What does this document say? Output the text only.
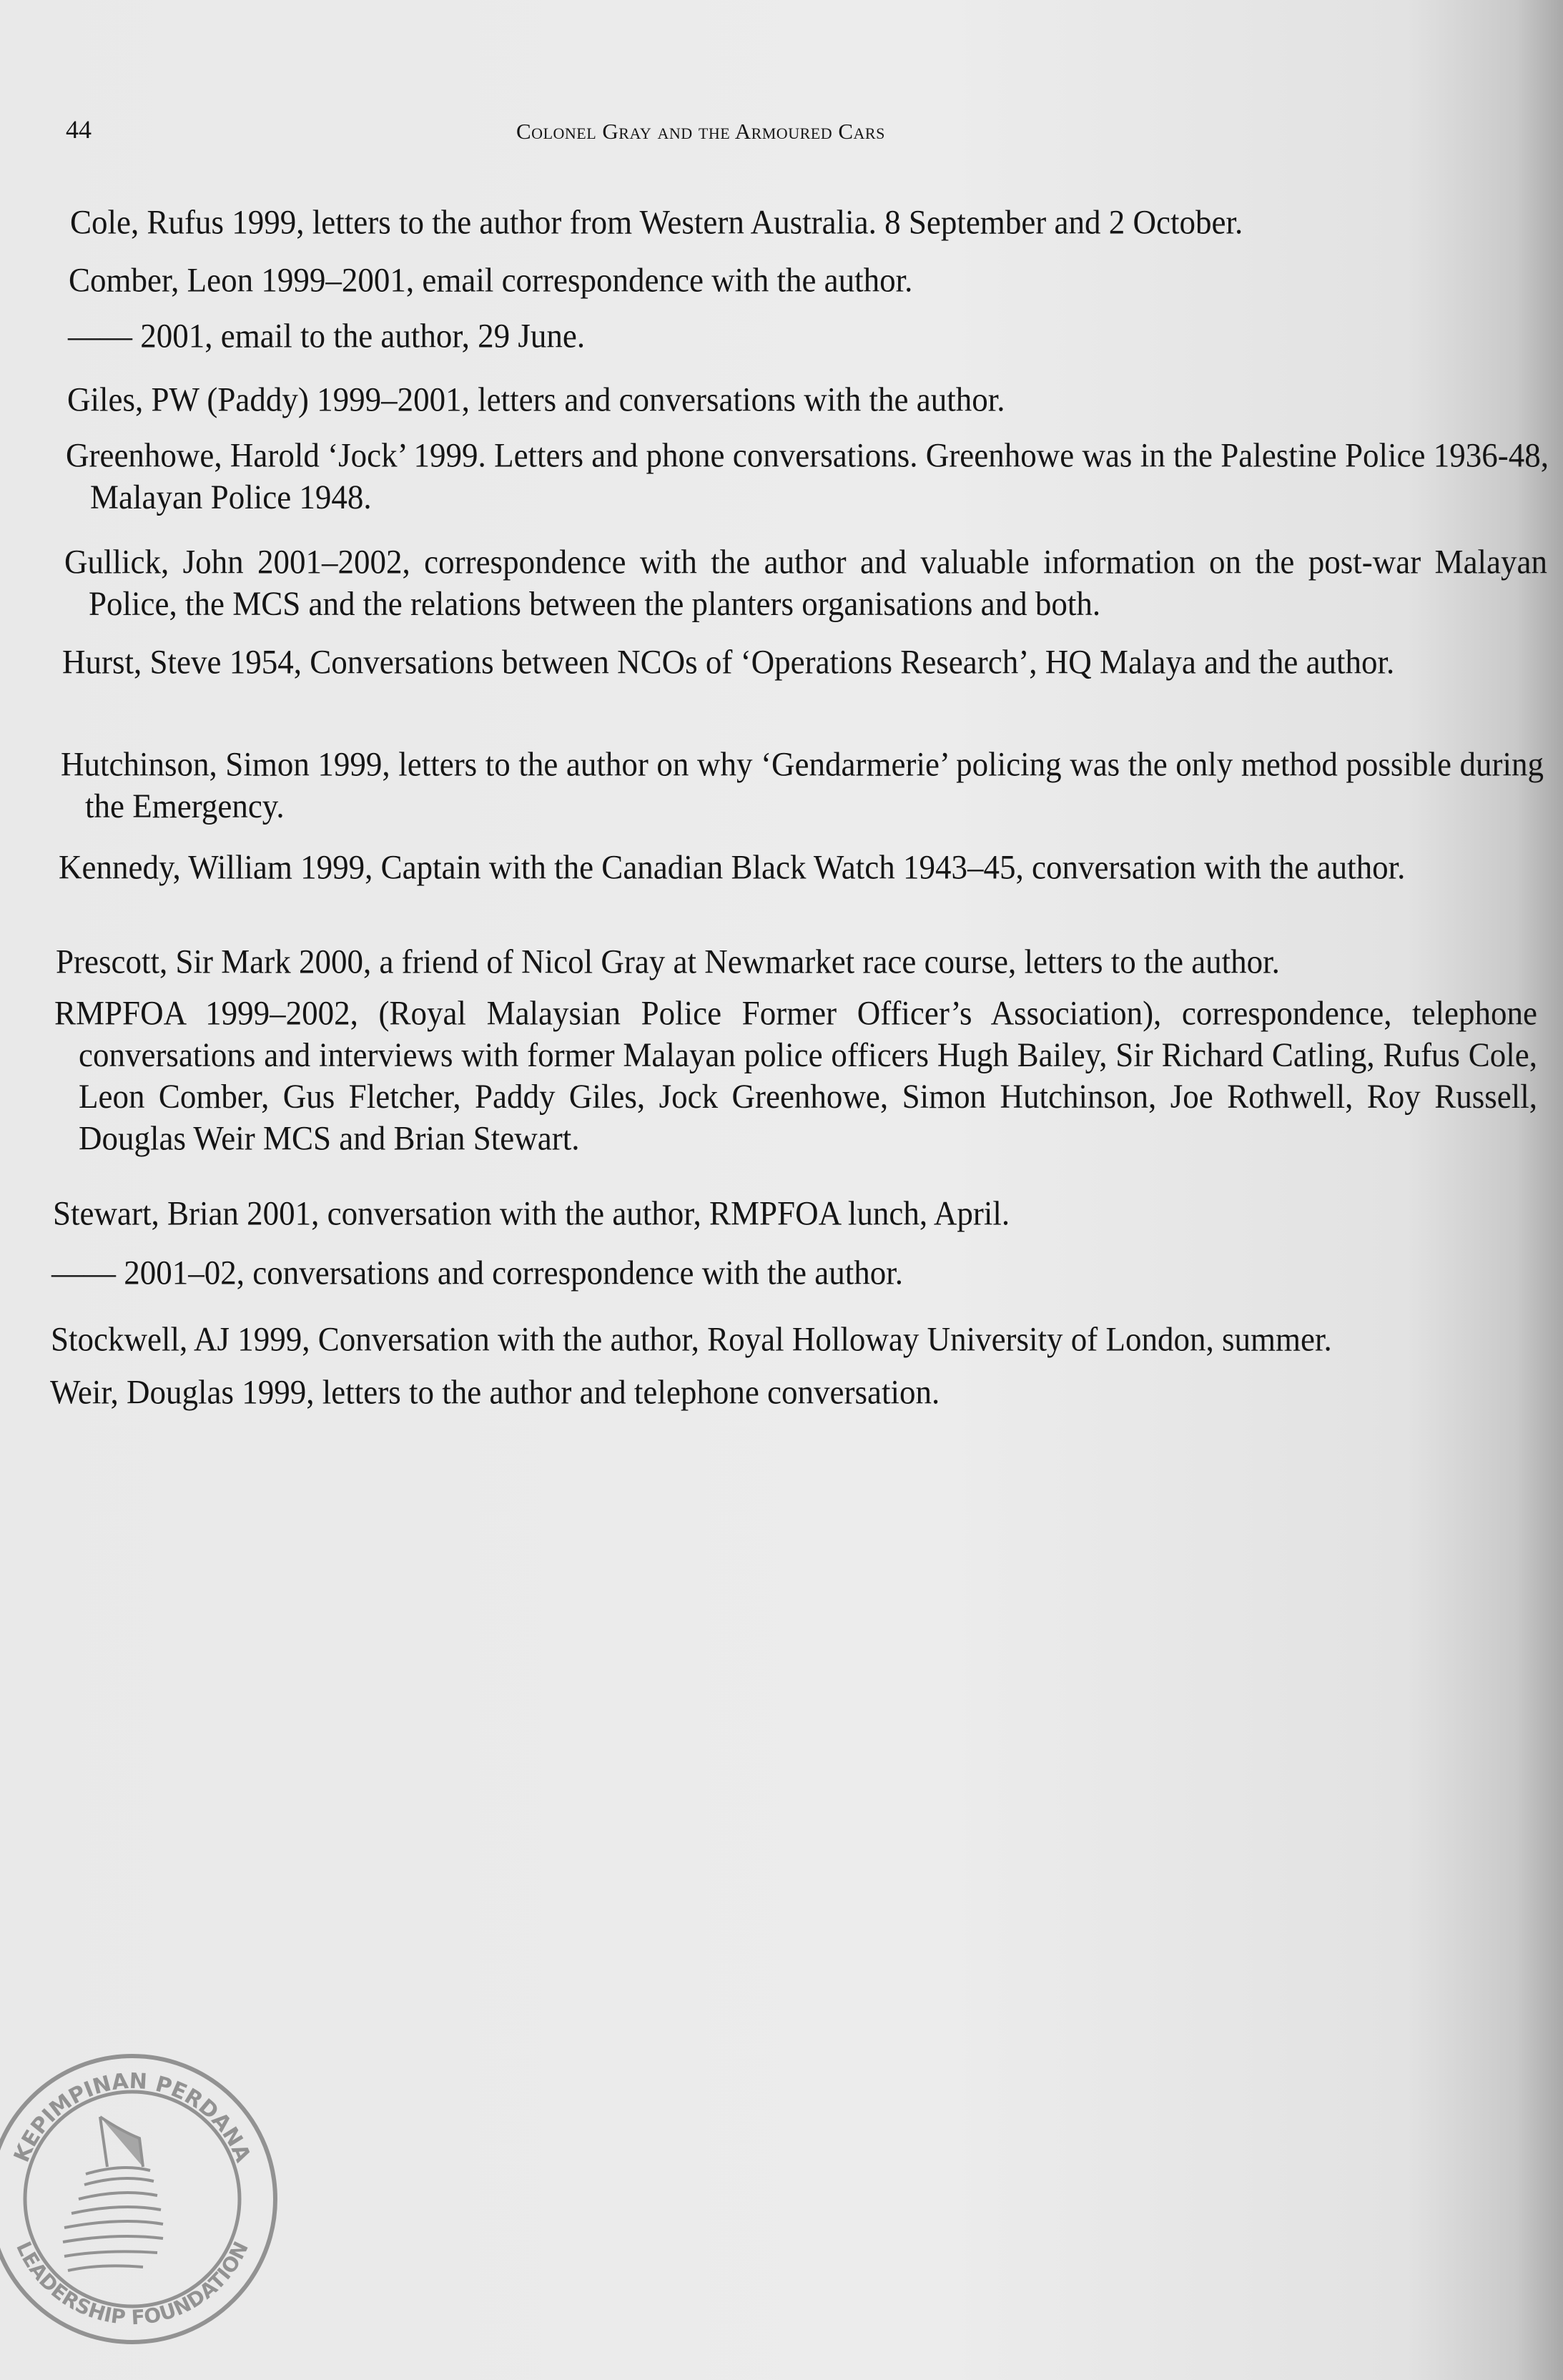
44	Colonel Gray and the Armoured Cars
Cole, Rufus 1999, letters to the author from Western Australia. 8 September and 2 October.
Comber, Leon 1999–2001, email correspondence with the author.
—— 2001, email to the author, 29 June.
Giles, PW (Paddy) 1999–2001, letters and conversations with the author.
Greenhowe, Harold ‘Jock’ 1999. Letters and phone conversations. Greenhowe was in the Palestine Police 1936-48, Malayan Police 1948.
Gullick, John 2001–2002, correspondence with the author and valuable information on the post-war Malayan Police, the MCS and the relations between the planters organisations and both.
Hurst, Steve 1954, Conversations between NCOs of ‘Operations Research’, HQ Malaya and the author.
Hutchinson, Simon 1999, letters to the author on why ‘Gendarmerie’ policing was the only method possible during the Emergency.
Kennedy, William 1999, Captain with the Canadian Black Watch 1943–45, conversation with the author.
Prescott, Sir Mark 2000, a friend of Nicol Gray at Newmarket race course, letters to the author.
RMPFOA 1999–2002, (Royal Malaysian Police Former Officer’s Association), correspondence, telephone conversations and interviews with former Malayan police officers Hugh Bailey, Sir Richard Catling, Rufus Cole, Leon Comber, Gus Fletcher, Paddy Giles, Jock Greenhowe, Simon Hutchinson, Joe Rothwell, Roy Russell, Douglas Weir MCS and Brian Stewart.
Stewart, Brian 2001, conversation with the author, RMPFOA lunch, April.
—— 2001–02, conversations and correspondence with the author.
Stockwell, AJ 1999, Conversation with the author, Royal Holloway University of London, summer.
Weir, Douglas 1999, letters to the author and telephone conversation.
KEPIMPINAN PERDANA
LEADERSHIP FOUNDATION
